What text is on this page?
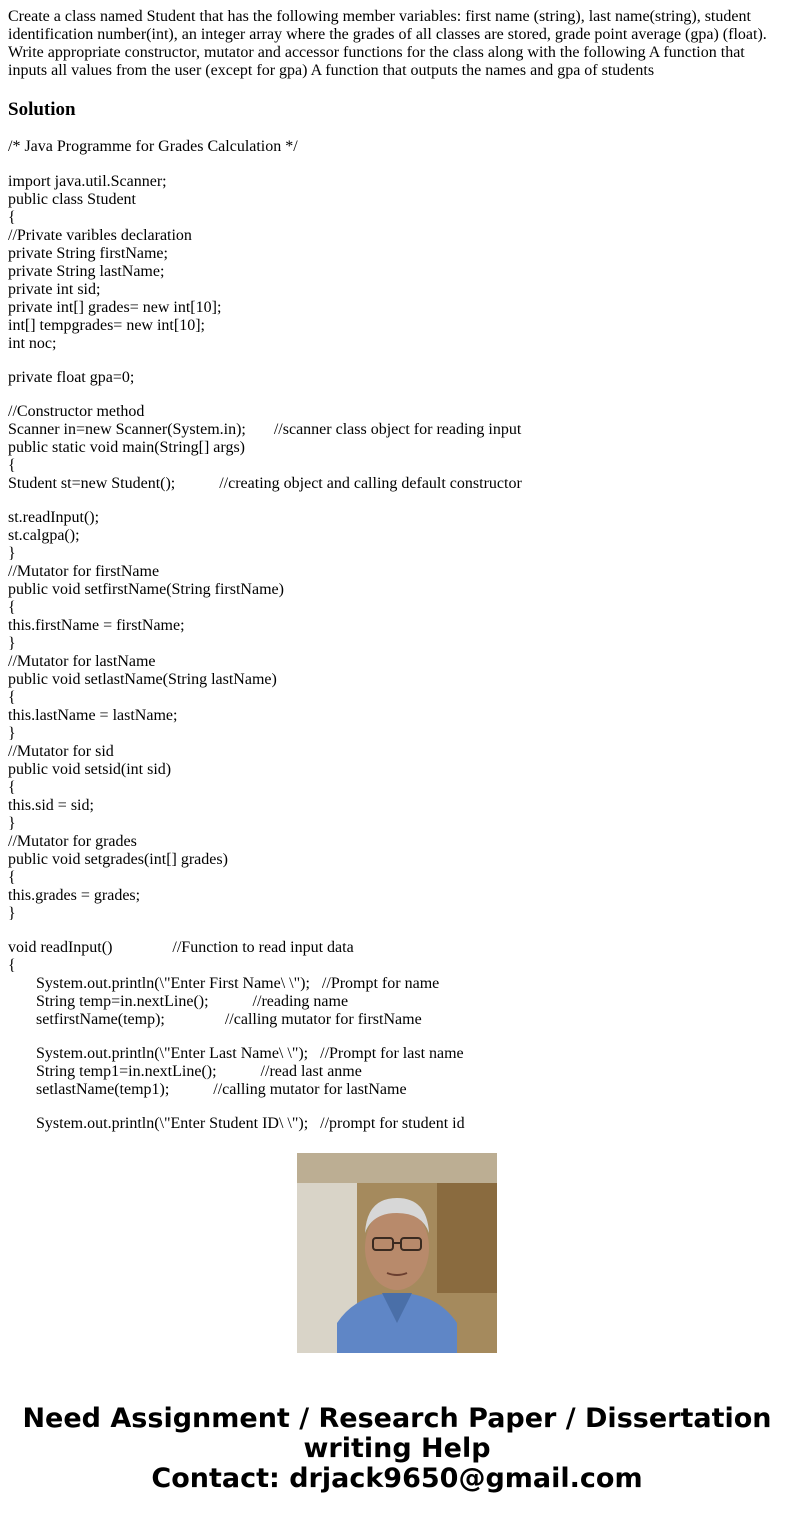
Create a class named Student that has the following member variables: first name (string), last name(string), student identification number(int), an integer array where the grades of all classes are stored, grade point average (gpa) (float). Write appropriate constructor, mutator and accessor functions for the class along with the following A function that inputs all values from the user (except for gpa) A function that outputs the names and gpa of students

Solution

/* Java Programme for Grades Calculation */

import java.util.Scanner;
public class Student
{
//Private varibles declaration
private String firstName;
private String lastName;
private int sid;
private int[] grades= new int[10];
int[] tempgrades= new int[10];
int noc;
private float gpa=0;
//Constructor method
Scanner in=new Scanner(System.in);       //scanner class object for reading input
public static void main(String[] args)
{
Student st=new Student();           //creating object and calling default constructor
st.readInput();
st.calgpa();
}
//Mutator for firstName
public void setfirstName(String firstName)
{
this.firstName = firstName;
}
//Mutator for lastName
public void setlastName(String lastName)
{
this.lastName = lastName;
}
//Mutator for sid
public void setsid(int sid)
{
this.sid = sid;
}
//Mutator for grades
public void setgrades(int[] grades)
{
this.grades = grades;
}
void readInput()               //Function to read input data
{
System.out.println(\"Enter First Name\ \");   //Prompt for name
String temp=in.nextLine();           //reading name
setfirstName(temp);               //calling mutator for firstName
System.out.println(\"Enter Last Name\ \");   //Prompt for last name
String temp1=in.nextLine();           //read last anme
setlastName(temp1);           //calling mutator for lastName
System.out.println(\"Enter Student ID\ \");   //prompt for student id
Need Assignment / Research Paper / Dissertation
writing Help
Contact: drjack9650@gmail.com
